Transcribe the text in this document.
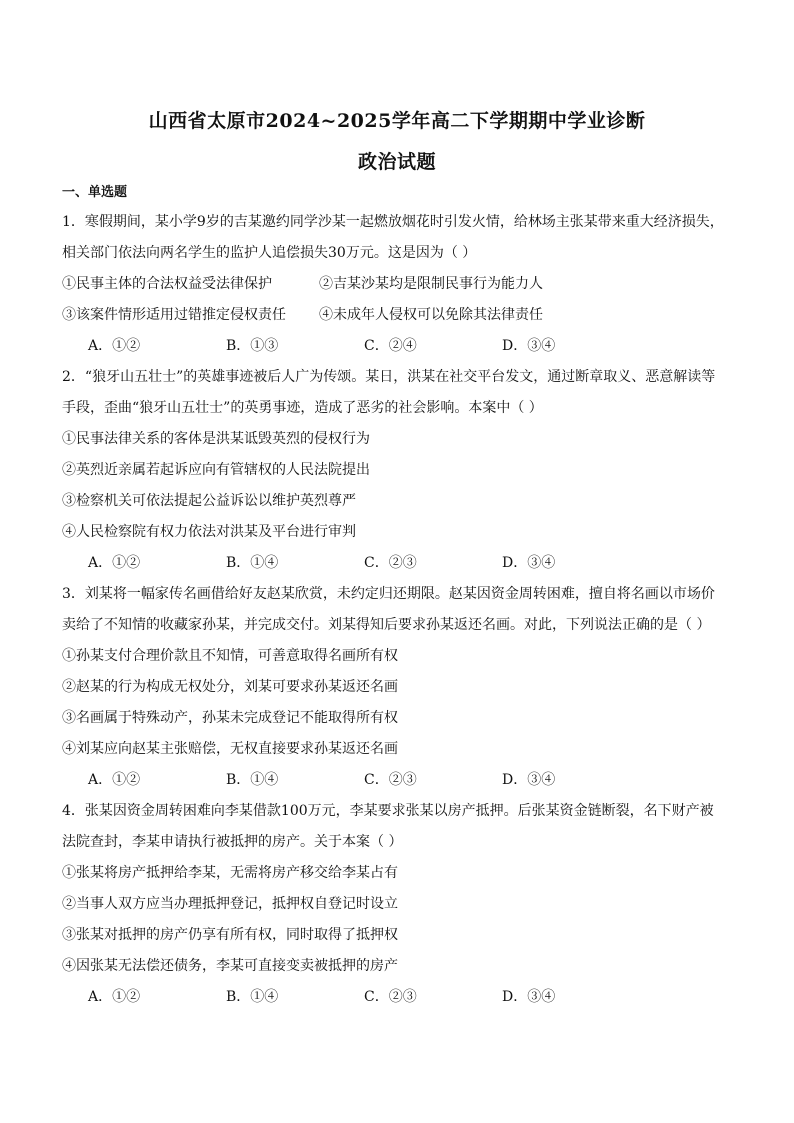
山西省太原市2024~2025学年高二下学期期中学业诊断
政治试题
一、单选题
1．寒假期间，某小学9岁的吉某邀约同学沙某一起燃放烟花时引发火情，给林场主张某带来重大经济损失，
相关部门依法向两名学生的监护人追偿损失30万元。这是因为（ ）
①民事主体的合法权益受法律保护	②吉某沙某均是限制民事行为能力人
③该案件情形适用过错推定侵权责任	④未成年人侵权可以免除其法律责任
A．①②	B．①③	C．②④	D．③④
2．“狼牙山五壮士”的英雄事迹被后人广为传颂。某日，洪某在社交平台发文，通过断章取义、恶意解读等
手段，歪曲“狼牙山五壮士”的英勇事迹，造成了恶劣的社会影响。本案中（ ）
①民事法律关系的客体是洪某诋毁英烈的侵权行为
②英烈近亲属若起诉应向有管辖权的人民法院提出
③检察机关可依法提起公益诉讼以维护英烈尊严
④人民检察院有权力依法对洪某及平台进行审判
A．①②	B．①④	C．②③	D．③④
3．刘某将一幅家传名画借给好友赵某欣赏，未约定归还期限。赵某因资金周转困难，擅自将名画以市场价
卖给了不知情的收藏家孙某，并完成交付。刘某得知后要求孙某返还名画。对此，下列说法正确的是（ ）
①孙某支付合理价款且不知情，可善意取得名画所有权
②赵某的行为构成无权处分，刘某可要求孙某返还名画
③名画属于特殊动产，孙某未完成登记不能取得所有权
④刘某应向赵某主张赔偿，无权直接要求孙某返还名画
A．①②	B．①④	C．②③	D．③④
4．张某因资金周转困难向李某借款100万元，李某要求张某以房产抵押。后张某资金链断裂，名下财产被
法院查封，李某申请执行被抵押的房产。关于本案（ ）
①张某将房产抵押给李某，无需将房产移交给李某占有
②当事人双方应当办理抵押登记，抵押权自登记时设立
③张某对抵押的房产仍享有所有权，同时取得了抵押权
④因张某无法偿还债务，李某可直接变卖被抵押的房产
A．①②	B．①④	C．②③	D．③④
